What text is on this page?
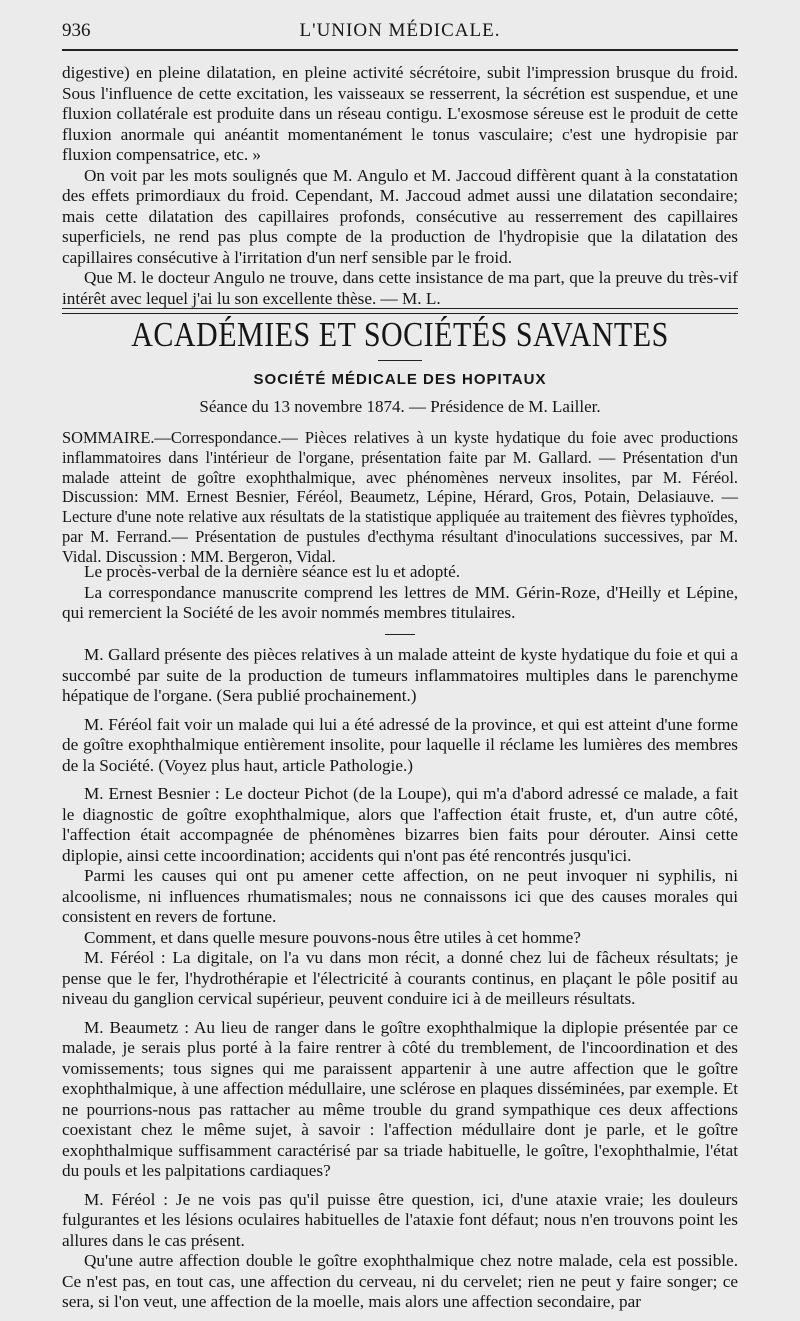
936	L'UNION MÉDICALE.

digestive) en pleine dilatation, en pleine activité sécrétoire, subit l'impression brusque du froid. Sous l'influence de cette excitation, les vaisseaux se resserrent, la sécrétion est suspendue, et une fluxion collatérale est produite dans un réseau contigu. L'exosmose séreuse est le produit de cette fluxion anormale qui anéantit momentanément le tonus vasculaire; c'est une hydropisie par fluxion compensatrice, etc. »

On voit par les mots soulignés que M. Angulo et M. Jaccoud diffèrent quant à la constatation des effets primordiaux du froid. Cependant, M. Jaccoud admet aussi une dilatation secondaire; mais cette dilatation des capillaires profonds, consécutive au resserrement des capillaires superficiels, ne rend pas plus compte de la production de l'hydropisie que la dilatation des capillaires consécutive à l'irritation d'un nerf sensible par le froid.

Que M. le docteur Angulo ne trouve, dans cette insistance de ma part, que la preuve du très-vif intérêt avec lequel j'ai lu son excellente thèse. — M. L.

ACADÉMIES ET SOCIÉTÉS SAVANTES
SOCIÉTÉ MÉDICALE DES HOPITAUX
Séance du 13 novembre 1874. — Présidence de M. Lailler.

SOMMAIRE.—Correspondance.— Pièces relatives à un kyste hydatique du foie avec productions inflammatoires dans l'intérieur de l'organe, présentation faite par M. Gallard. — Présentation d'un malade atteint de goître exophthalmique, avec phénomènes nerveux insolites, par M. Féréol. Discussion: MM. Ernest Besnier, Féréol, Beaumetz, Lépine, Hérard, Gros, Potain, Delasiauve. — Lecture d'une note relative aux résultats de la statistique appliquée au traitement des fièvres typhoïdes, par M. Ferrand.— Présentation de pustules d'ecthyma résultant d'inoculations successives, par M. Vidal. Discussion : MM. Bergeron, Vidal.

Le procès-verbal de la dernière séance est lu et adopté.

La correspondance manuscrite comprend les lettres de MM. Gérin-Roze, d'Heilly et Lépine, qui remercient la Société de les avoir nommés membres titulaires.

M. Gallard présente des pièces relatives à un malade atteint de kyste hydatique du foie et qui a succombé par suite de la production de tumeurs inflammatoires multiples dans le parenchyme hépatique de l'organe. (Sera publié prochainement.)

M. Féréol fait voir un malade qui lui a été adressé de la province, et qui est atteint d'une forme de goître exophthalmique entièrement insolite, pour laquelle il réclame les lumières des membres de la Société. (Voyez plus haut, article Pathologie.)

M. Ernest Besnier : Le docteur Pichot (de la Loupe), qui m'a d'abord adressé ce malade, a fait le diagnostic de goître exophthalmique, alors que l'affection était fruste, et, d'un autre côté, l'affection était accompagnée de phénomènes bizarres bien faits pour dérouter. Ainsi cette diplopie, ainsi cette incoordination; accidents qui n'ont pas été rencontrés jusqu'ici.

Parmi les causes qui ont pu amener cette affection, on ne peut invoquer ni syphilis, ni alcoolisme, ni influences rhumatismales; nous ne connaissons ici que des causes morales qui consistent en revers de fortune.

Comment, et dans quelle mesure pouvons-nous être utiles à cet homme?

M. Féréol : La digitale, on l'a vu dans mon récit, a donné chez lui de fâcheux résultats; je pense que le fer, l'hydrothérapie et l'électricité à courants continus, en plaçant le pôle positif au niveau du ganglion cervical supérieur, peuvent conduire ici à de meilleurs résultats.

M. Beaumetz : Au lieu de ranger dans le goître exophthalmique la diplopie présentée par ce malade, je serais plus porté à la faire rentrer à côté du tremblement, de l'incoordination et des vomissements; tous signes qui me paraissent appartenir à une autre affection que le goître exophthalmique, à une affection médullaire, une sclérose en plaques disséminées, par exemple. Et ne pourrions-nous pas rattacher au même trouble du grand sympathique ces deux affections coexistant chez le même sujet, à savoir : l'affection médullaire dont je parle, et le goître exophthalmique suffisamment caractérisé par sa triade habituelle, le goître, l'exophthalmie, l'état du pouls et les palpitations cardiaques?

M. Féréol : Je ne vois pas qu'il puisse être question, ici, d'une ataxie vraie; les douleurs fulgurantes et les lésions oculaires habituelles de l'ataxie font défaut; nous n'en trouvons point les allures dans le cas présent.

Qu'une autre affection double le goître exophthalmique chez notre malade, cela est possible. Ce n'est pas, en tout cas, une affection du cerveau, ni du cervelet; rien ne peut y faire songer; ce sera, si l'on veut, une affection de la moelle, mais alors une affection secondaire, par
